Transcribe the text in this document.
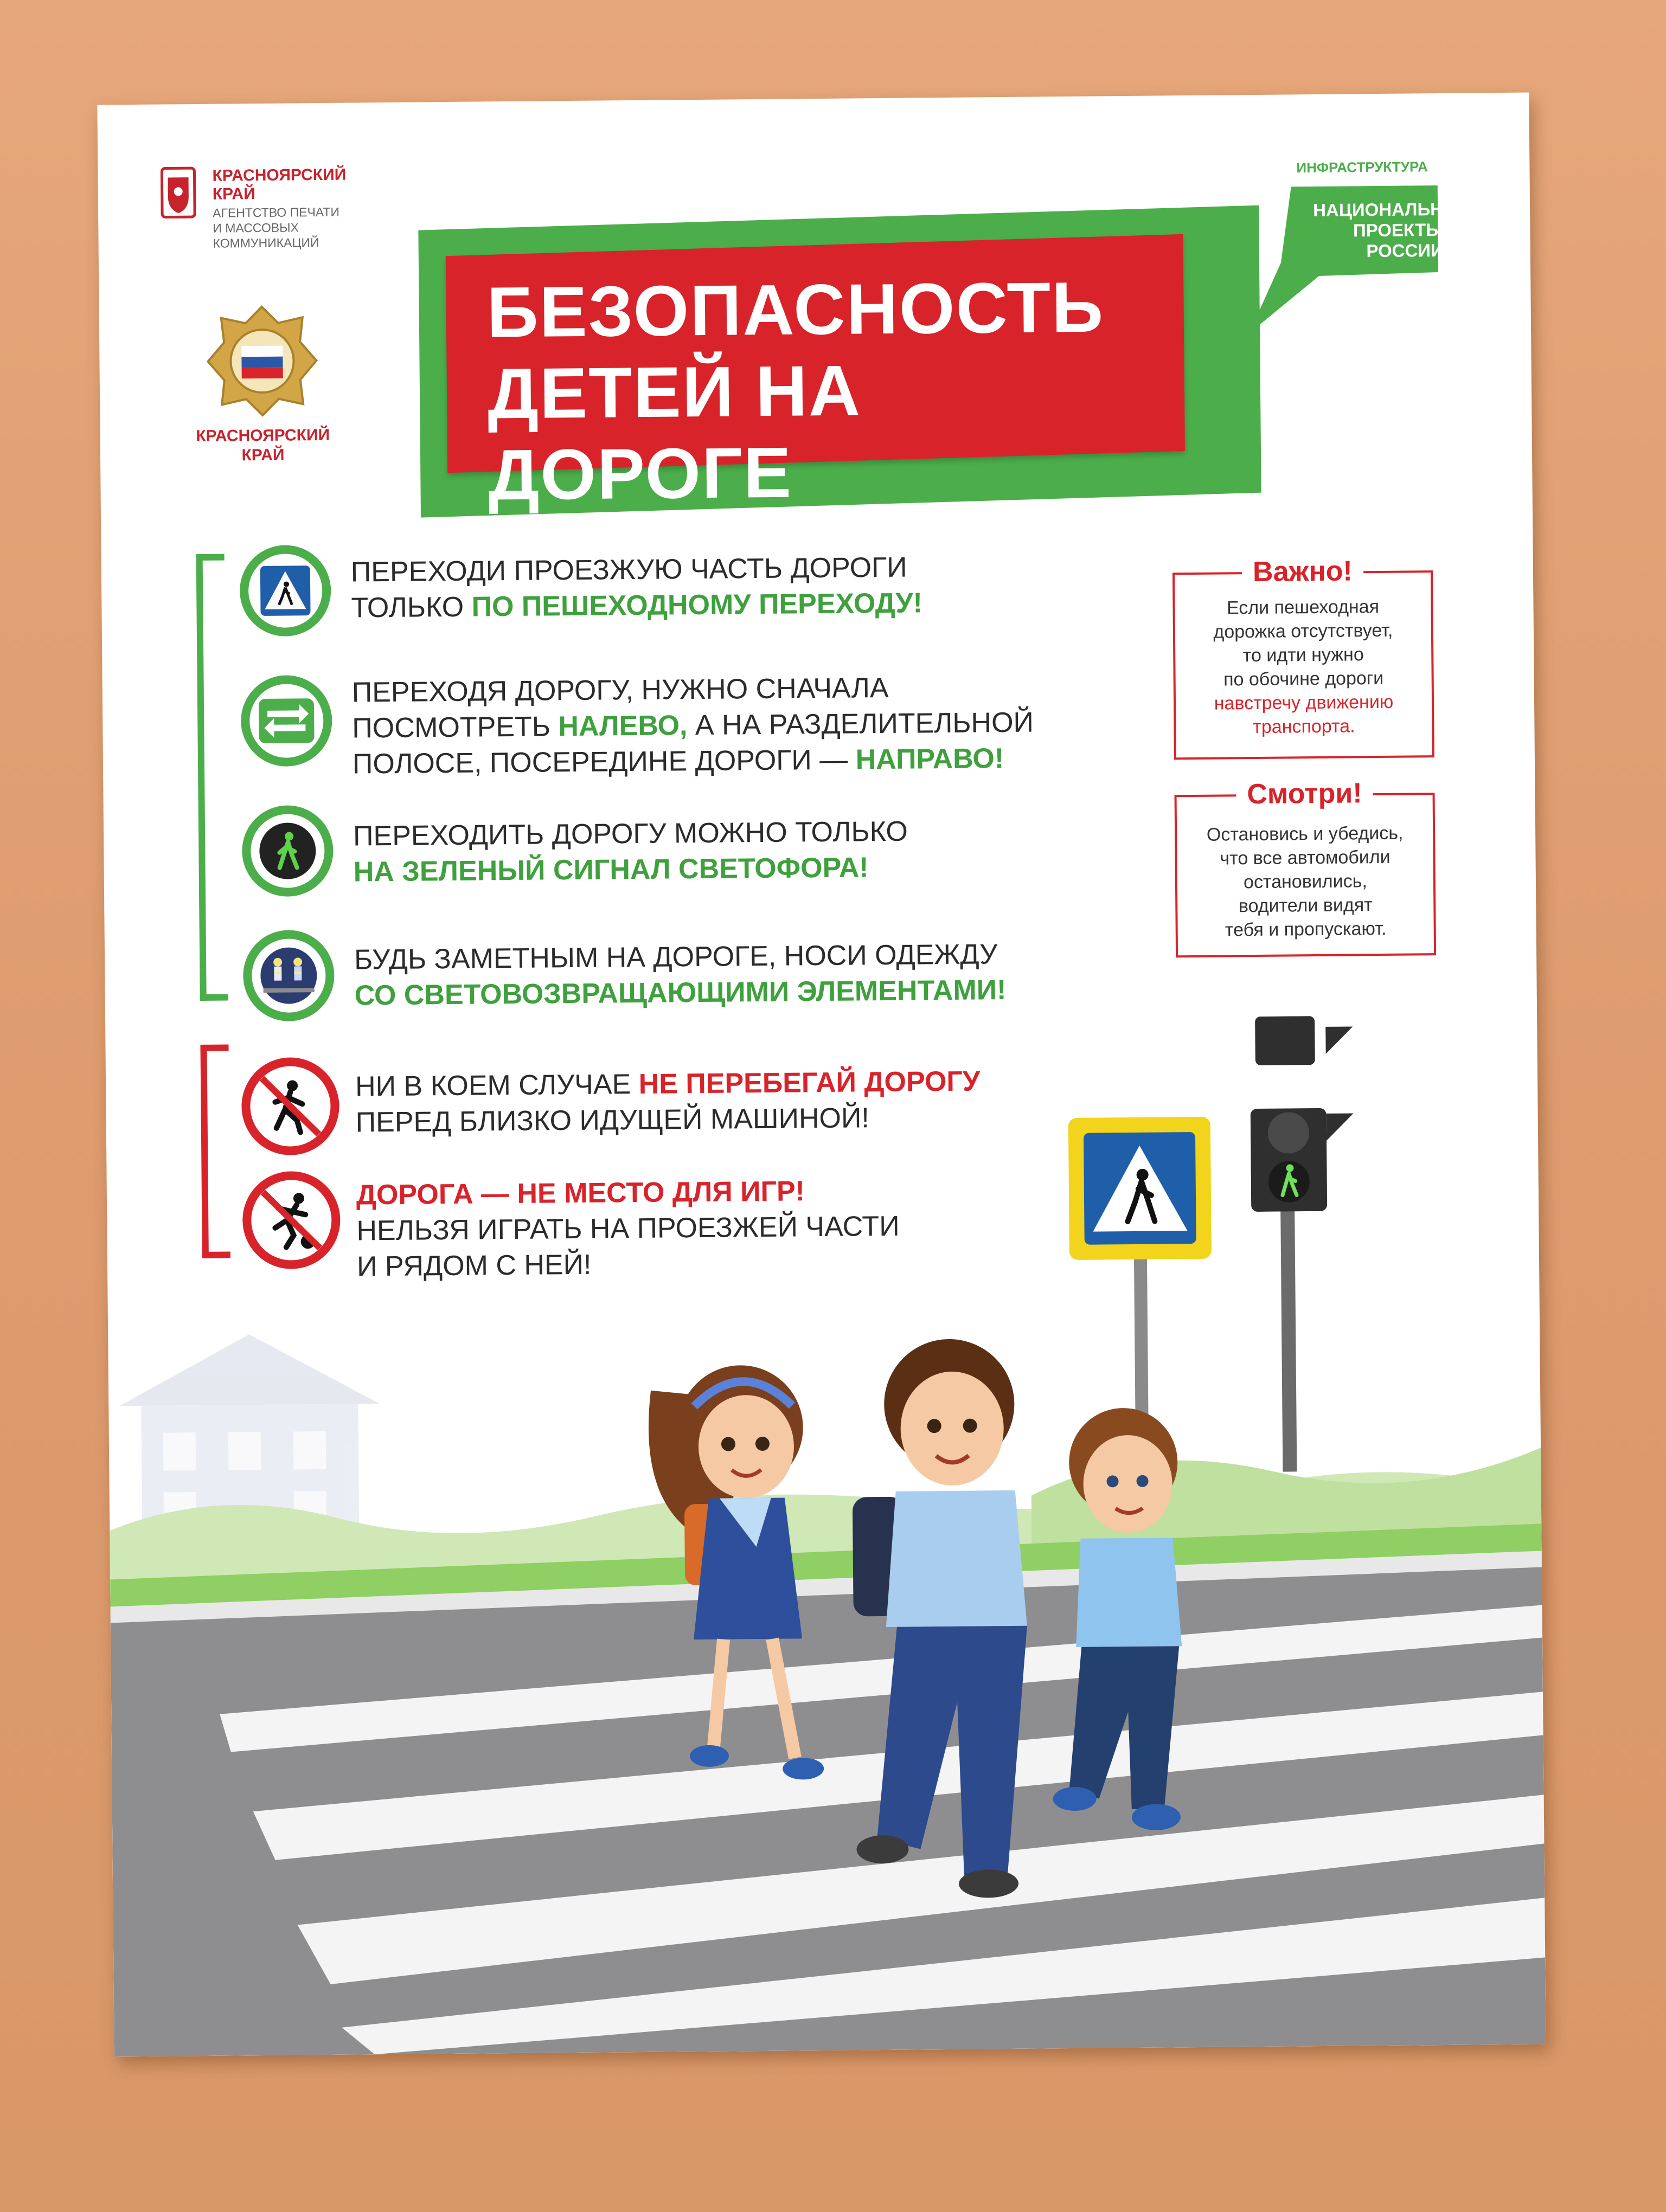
КРАСНОЯРСКИЙ
КРАЙ
АГЕНТСТВО ПЕЧАТИ
И МАССОВЫХ
КОММУНИКАЦИЙ
КРАСНОЯРСКИЙ
КРАЙ
БЕЗОПАСНОСТЬ
ДЕТЕЙ НА ДОРОГЕ
ИНФРАСТРУКТУРА
НАЦИОНАЛЬНЫЕ
ПРОЕКТЫ
РОССИИ
ПЕРЕХОДИ ПРОЕЗЖУЮ ЧАСТЬ ДОРОГИ
ТОЛЬКО ПО ПЕШЕХОДНОМУ ПЕРЕХОДУ!
ПЕРЕХОДЯ ДОРОГУ, НУЖНО СНАЧАЛА
ПОСМОТРЕТЬ НАЛЕВО, А НА РАЗДЕЛИТЕЛЬНОЙ
ПОЛОСЕ, ПОСЕРЕДИНЕ ДОРОГИ — НАПРАВО!
ПЕРЕХОДИТЬ ДОРОГУ МОЖНО ТОЛЬКО
НА ЗЕЛЕНЫЙ СИГНАЛ СВЕТОФОРА!
БУДЬ ЗАМЕТНЫМ НА ДОРОГЕ, НОСИ ОДЕЖДУ
СО СВЕТОВОЗВРАЩАЮЩИМИ ЭЛЕМЕНТАМИ!
НИ В КОЕМ СЛУЧАЕ НЕ ПЕРЕБЕГАЙ ДОРОГУ
ПЕРЕД БЛИЗКО ИДУЩЕЙ МАШИНОЙ!
ДОРОГА — НЕ МЕСТО ДЛЯ ИГР!
НЕЛЬЗЯ ИГРАТЬ НА ПРОЕЗЖЕЙ ЧАСТИ
И РЯДОМ С НЕЙ!
Важно!
Если пешеходная
дорожка отсутствует,
то идти нужно
по обочине дороги
навстречу движению
транспорта.
Смотри!
Остановись и убедись,
что все автомобили
остановились,
водители видят
тебя и пропускают.
